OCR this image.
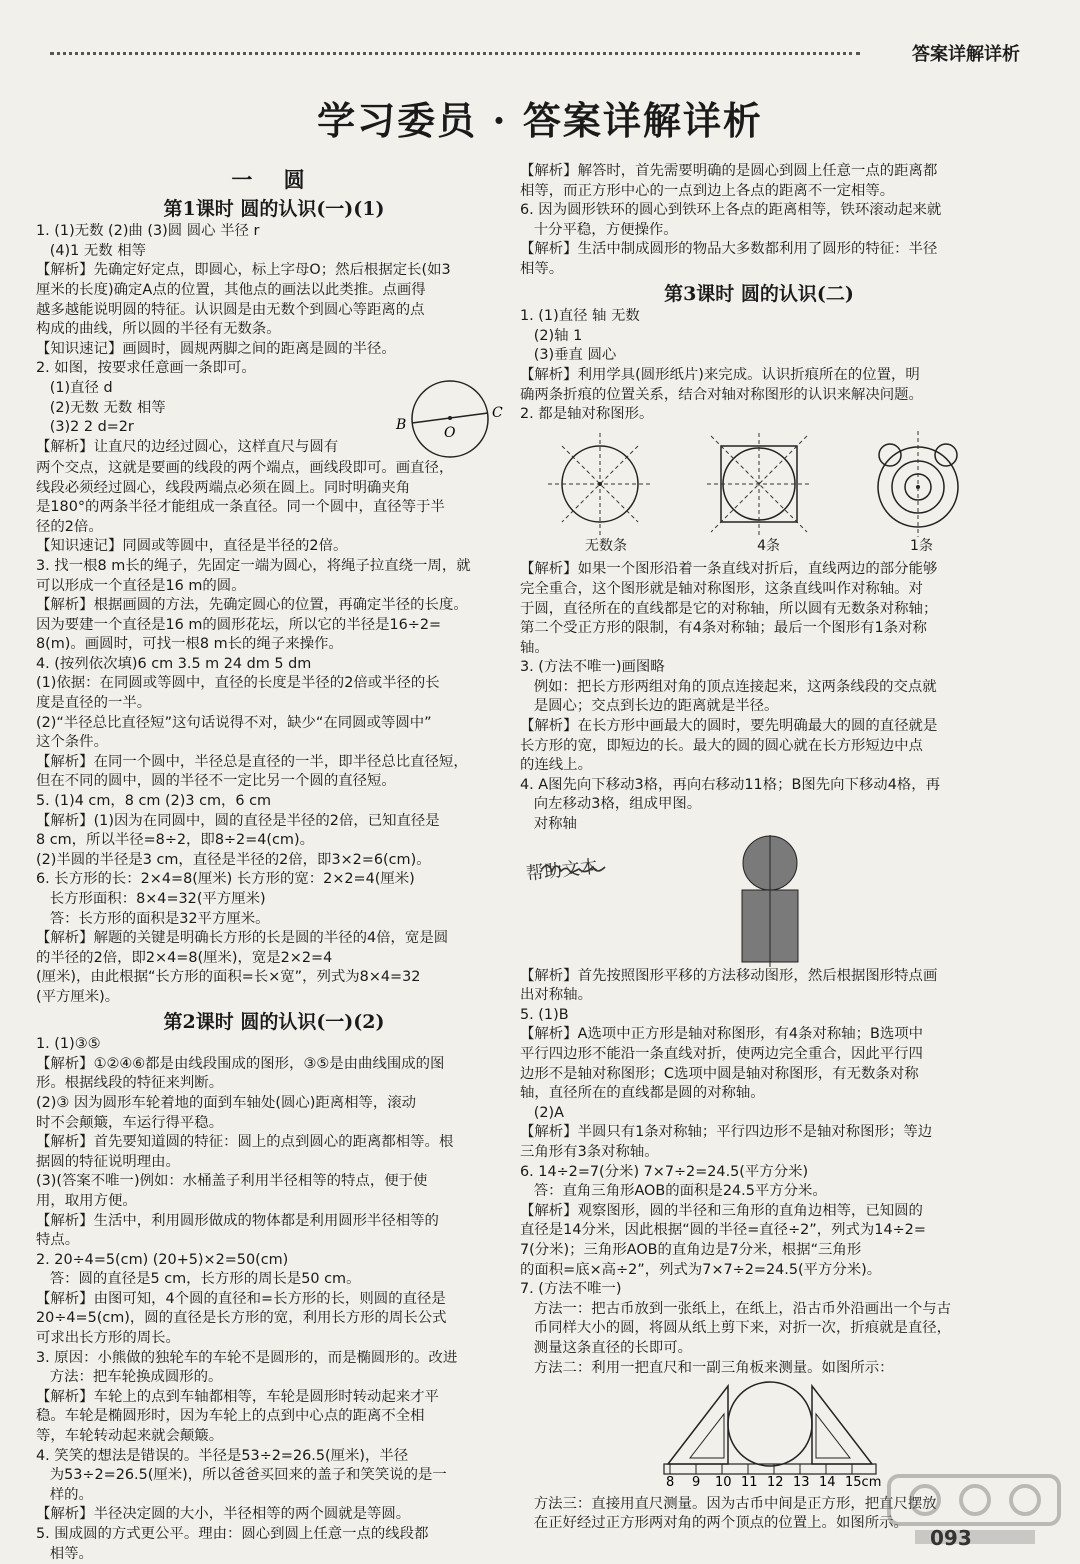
答案详解详析
学习委员 · 答案详解详析
一 圆
第1课时 圆的认识(一)(1)
1. (1)无数 (2)曲 (3)圆 圆心 半径 r
(4)1 无数 相等
【解析】先确定好定点，即圆心，标上字母O；然后根据定长(如3
厘米的长度)确定A点的位置，其他点的画法以此类推。点画得
越多越能说明圆的特征。认识圆是由无数个到圆心等距离的点
构成的曲线，所以圆的半径有无数条。
【知识速记】画圆时，圆规两脚之间的距离是圆的半径。
2. 如图，按要求任意画一条即可。
(1)直径 d
(2)无数 无数 相等
(3)2 2 d=2r
【解析】让直尺的边经过圆心，这样直尺与圆有
B	O
C
两个交点，这就是要画的线段的两个端点，画线段即可。画直径，
线段必须经过圆心，线段两端点必须在圆上。同时明确夹角
是180°的两条半径才能组成一条直径。同一个圆中，直径等于半
径的2倍。
【知识速记】同圆或等圆中，直径是半径的2倍。
3. 找一根8 m长的绳子，先固定一端为圆心，将绳子拉直绕一周，就
可以形成一个直径是16 m的圆。
【解析】根据画圆的方法，先确定圆心的位置，再确定半径的长度。
因为要建一个直径是16 m的圆形花坛，所以它的半径是16÷2=
8(m)。画圆时，可找一根8 m长的绳子来操作。
4. (按列依次填)6 cm 3.5 m 24 dm 5 dm
(1)依据：在同圆或等圆中，直径的长度是半径的2倍或半径的长
度是直径的一半。
(2)“半径总比直径短”这句话说得不对，缺少“在同圆或等圆中”
这个条件。
【解析】在同一个圆中，半径总是直径的一半，即半径总比直径短，
但在不同的圆中，圆的半径不一定比另一个圆的直径短。
5. (1)4 cm，8 cm (2)3 cm，6 cm
【解析】(1)因为在同圆中，圆的直径是半径的2倍，已知直径是
8 cm，所以半径=8÷2，即8÷2=4(cm)。
(2)半圆的半径是3 cm，直径是半径的2倍，即3×2=6(cm)。
6. 长方形的长：2×4=8(厘米) 长方形的宽：2×2=4(厘米)
长方形面积：8×4=32(平方厘米)
答：长方形的面积是32平方厘米。
【解析】解题的关键是明确长方形的长是圆的半径的4倍，宽是圆
的半径的2倍，即2×4=8(厘米)，宽是2×2=4
(厘米)，由此根据“长方形的面积=长×宽”，列式为8×4=32
(平方厘米)。
第2课时 圆的认识(一)(2)
1. (1)③⑤
【解析】①②④⑥都是由线段围成的图形，③⑤是由曲线围成的图
形。根据线段的特征来判断。
(2)③ 因为圆形车轮着地的面到车轴处(圆心)距离相等，滚动
时不会颠簸，车运行得平稳。
【解析】首先要知道圆的特征：圆上的点到圆心的距离都相等。根
据圆的特征说明理由。
(3)(答案不唯一)例如：水桶盖子利用半径相等的特点，便于使
用，取用方便。
【解析】生活中，利用圆形做成的物体都是利用圆形半径相等的
特点。
2. 20÷4=5(cm) (20+5)×2=50(cm)
答：圆的直径是5 cm，长方形的周长是50 cm。
【解析】由图可知，4个圆的直径和=长方形的长，则圆的直径是
20÷4=5(cm)，圆的直径是长方形的宽，利用长方形的周长公式
可求出长方形的周长。
3. 原因：小熊做的独轮车的车轮不是圆形的，而是椭圆形的。改进
方法：把车轮换成圆形的。
【解析】车轮上的点到车轴都相等，车轮是圆形时转动起来才平
稳。车轮是椭圆形时，因为车轮上的点到中心点的距离不全相
等，车轮转动起来就会颠簸。
4. 笑笑的想法是错误的。半径是53÷2=26.5(厘米)，半径
为53÷2=26.5(厘米)，所以爸爸买回来的盖子和笑笑说的是一
样的。
【解析】半径决定圆的大小，半径相等的两个圆就是等圆。
5. 围成圆的方式更公平。理由：圆心到圆上任意一点的线段都
相等。
【解析】解答时，首先需要明确的是圆心到圆上任意一点的距离都
相等，而正方形中心的一点到边上各点的距离不一定相等。
6. 因为圆形铁环的圆心到铁环上各点的距离相等，铁环滚动起来就
十分平稳，方便操作。
【解析】生活中制成圆形的物品大多数都利用了圆形的特征：半径
相等。
第3课时 圆的认识(二)
1. (1)直径 轴 无数
(2)轴 1
(3)垂直 圆心
【解析】利用学具(圆形纸片)来完成。认识折痕所在的位置，明
确两条折痕的位置关系，结合对轴对称图形的认识来解决问题。
2. 都是轴对称图形。
无数条	4条	1条
【解析】如果一个图形沿着一条直线对折后，直线两边的部分能够
完全重合，这个图形就是轴对称图形，这条直线叫作对称轴。对
于圆，直径所在的直线都是它的对称轴，所以圆有无数条对称轴；
第二个受正方形的限制，有4条对称轴；最后一个图形有1条对称
轴。
3. (方法不唯一)画图略
例如：把长方形两组对角的顶点连接起来，这两条线段的交点就
是圆心；交点到长边的距离就是半径。
【解析】在长方形中画最大的圆时，要先明确最大的圆的直径就是
长方形的宽，即短边的长。最大的圆的圆心就在长方形短边中点
的连线上。
4. A图先向下移动3格，再向右移动11格；B图先向下移动4格，再
向左移动3格，组成甲图。
对称轴
帮助文本
【解析】首先按照图形平移的方法移动图形，然后根据图形特点画
出对称轴。
5. (1)B
【解析】A选项中正方形是轴对称图形，有4条对称轴；B选项中
平行四边形不能沿一条直线对折，使两边完全重合，因此平行四
边形不是轴对称图形；C选项中圆是轴对称图形，有无数条对称
轴，直径所在的直线都是圆的对称轴。
(2)A
【解析】半圆只有1条对称轴；平行四边形不是轴对称图形；等边
三角形有3条对称轴。
6. 14÷2=7(分米) 7×7÷2=24.5(平方分米)
答：直角三角形AOB的面积是24.5平方分米。
【解析】观察图形，圆的半径和三角形的直角边相等，已知圆的
直径是14分米，因此根据“圆的半径=直径÷2”，列式为14÷2=
7(分米)；三角形AOB的直角边是7分米，根据“三角形
的面积=底×高÷2”，列式为7×7÷2=24.5(平方分米)。
7. (方法不唯一)
方法一：把古币放到一张纸上，在纸上，沿古币外沿画出一个与古
币同样大小的圆，将圆从纸上剪下来，对折一次，折痕就是直径，
测量这条直径的长即可。
方法二：利用一把直尺和一副三角板来测量。如图所示：
8 9 10 11 12 13 14 15cm
方法三：直接用直尺测量。因为古币中间是正方形，把直尺摆放
在正好经过正方形两对角的两个顶点的位置上。如图所示。
093
